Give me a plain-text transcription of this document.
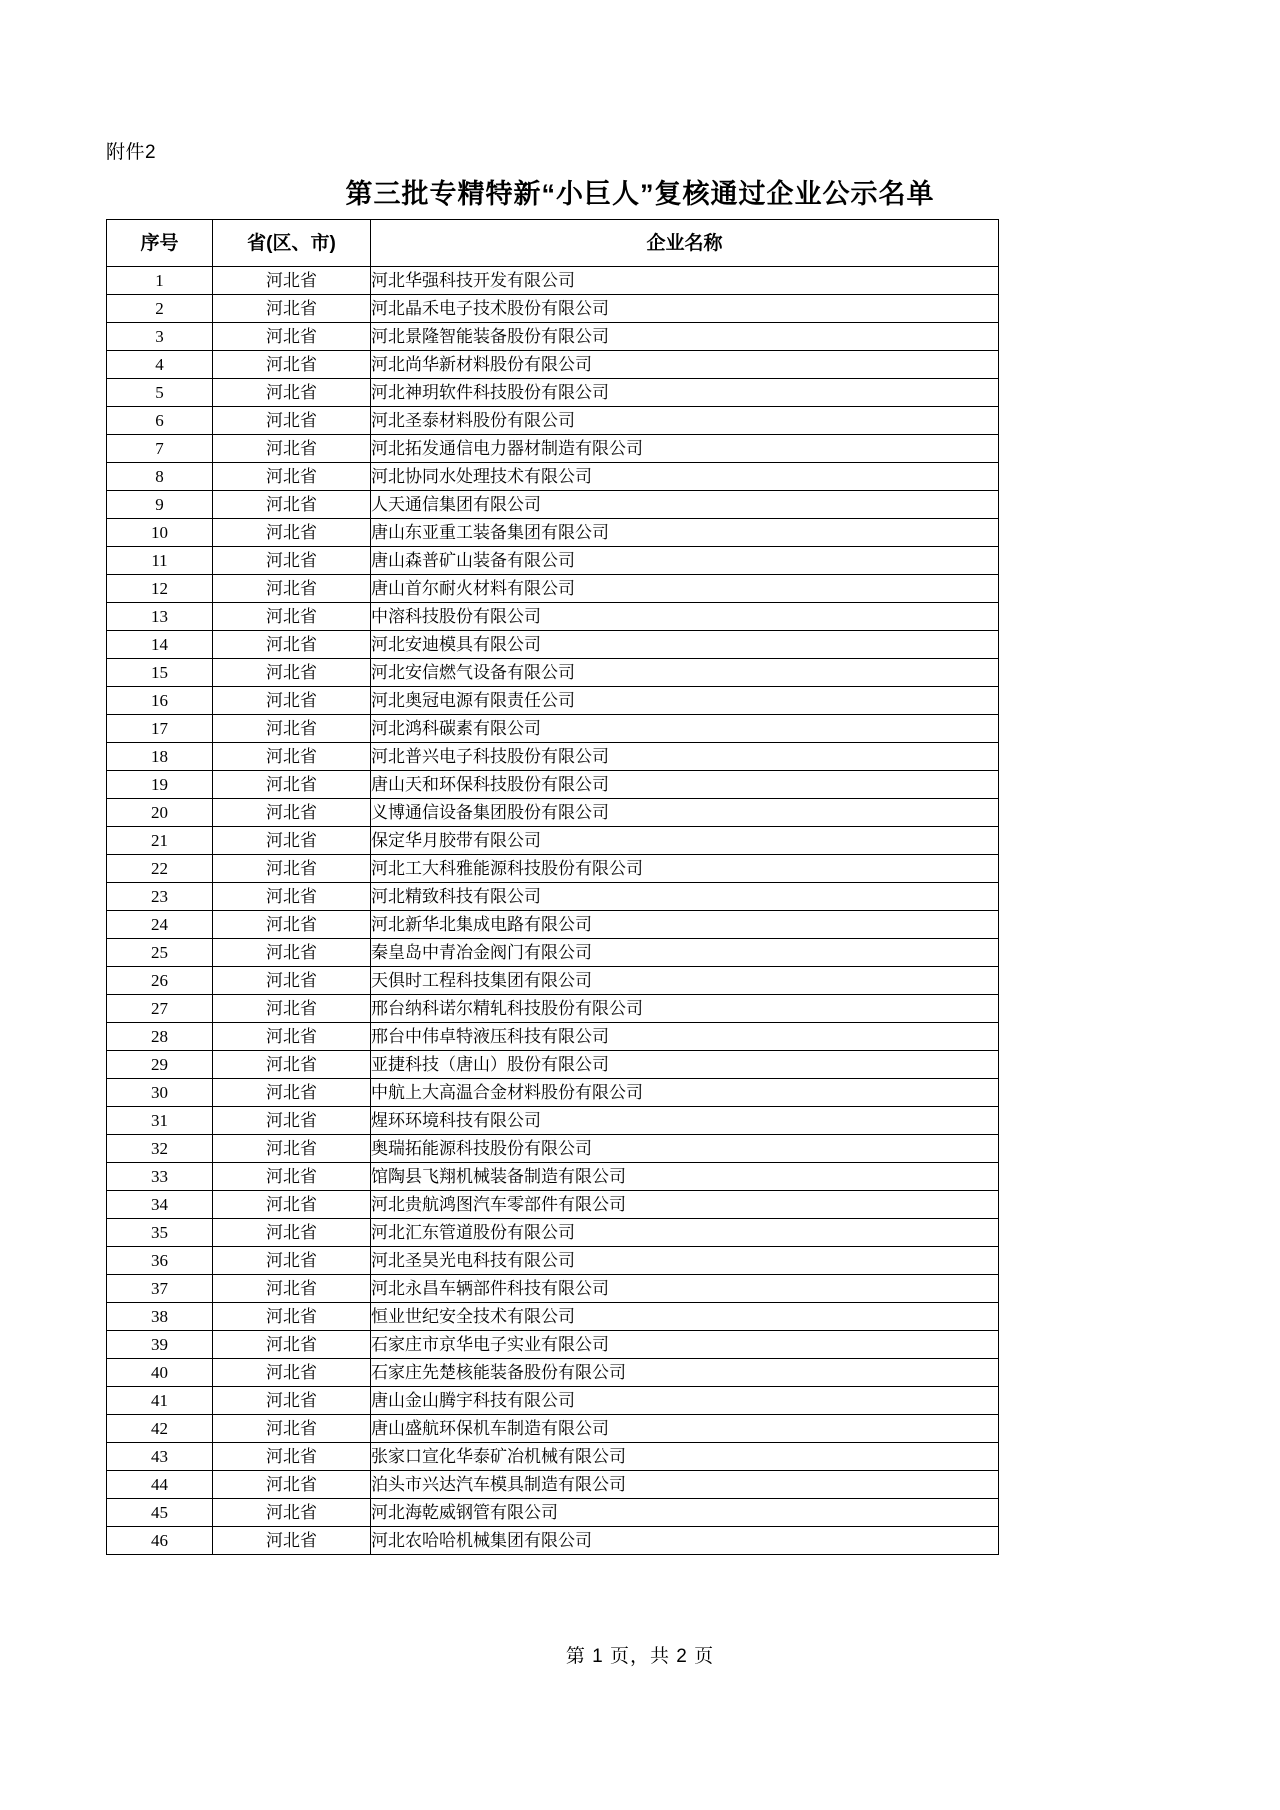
附件2
第三批专精特新“小巨人”复核通过企业公示名单
序号	省(区、市)	企业名称
1	河北省	河北华强科技开发有限公司
2	河北省	河北晶禾电子技术股份有限公司
3	河北省	河北景隆智能装备股份有限公司
4	河北省	河北尚华新材料股份有限公司
5	河北省	河北神玥软件科技股份有限公司
6	河北省	河北圣泰材料股份有限公司
7	河北省	河北拓发通信电力器材制造有限公司
8	河北省	河北协同水处理技术有限公司
9	河北省	人天通信集团有限公司
10	河北省	唐山东亚重工装备集团有限公司
11	河北省	唐山森普矿山装备有限公司
12	河北省	唐山首尔耐火材料有限公司
13	河北省	中溶科技股份有限公司
14	河北省	河北安迪模具有限公司
15	河北省	河北安信燃气设备有限公司
16	河北省	河北奥冠电源有限责任公司
17	河北省	河北鸿科碳素有限公司
18	河北省	河北普兴电子科技股份有限公司
19	河北省	唐山天和环保科技股份有限公司
20	河北省	义博通信设备集团股份有限公司
21	河北省	保定华月胶带有限公司
22	河北省	河北工大科雅能源科技股份有限公司
23	河北省	河北精致科技有限公司
24	河北省	河北新华北集成电路有限公司
25	河北省	秦皇岛中青冶金阀门有限公司
26	河北省	天俱时工程科技集团有限公司
27	河北省	邢台纳科诺尔精轧科技股份有限公司
28	河北省	邢台中伟卓特液压科技有限公司
29	河北省	亚捷科技（唐山）股份有限公司
30	河北省	中航上大高温合金材料股份有限公司
31	河北省	煋环环境科技有限公司
32	河北省	奥瑞拓能源科技股份有限公司
33	河北省	馆陶县飞翔机械装备制造有限公司
34	河北省	河北贵航鸿图汽车零部件有限公司
35	河北省	河北汇东管道股份有限公司
36	河北省	河北圣昊光电科技有限公司
37	河北省	河北永昌车辆部件科技有限公司
38	河北省	恒业世纪安全技术有限公司
39	河北省	石家庄市京华电子实业有限公司
40	河北省	石家庄先楚核能装备股份有限公司
41	河北省	唐山金山腾宇科技有限公司
42	河北省	唐山盛航环保机车制造有限公司
43	河北省	张家口宣化华泰矿冶机械有限公司
44	河北省	泊头市兴达汽车模具制造有限公司
45	河北省	河北海乾威钢管有限公司
46	河北省	河北农哈哈机械集团有限公司
第 1 页，共 2 页
